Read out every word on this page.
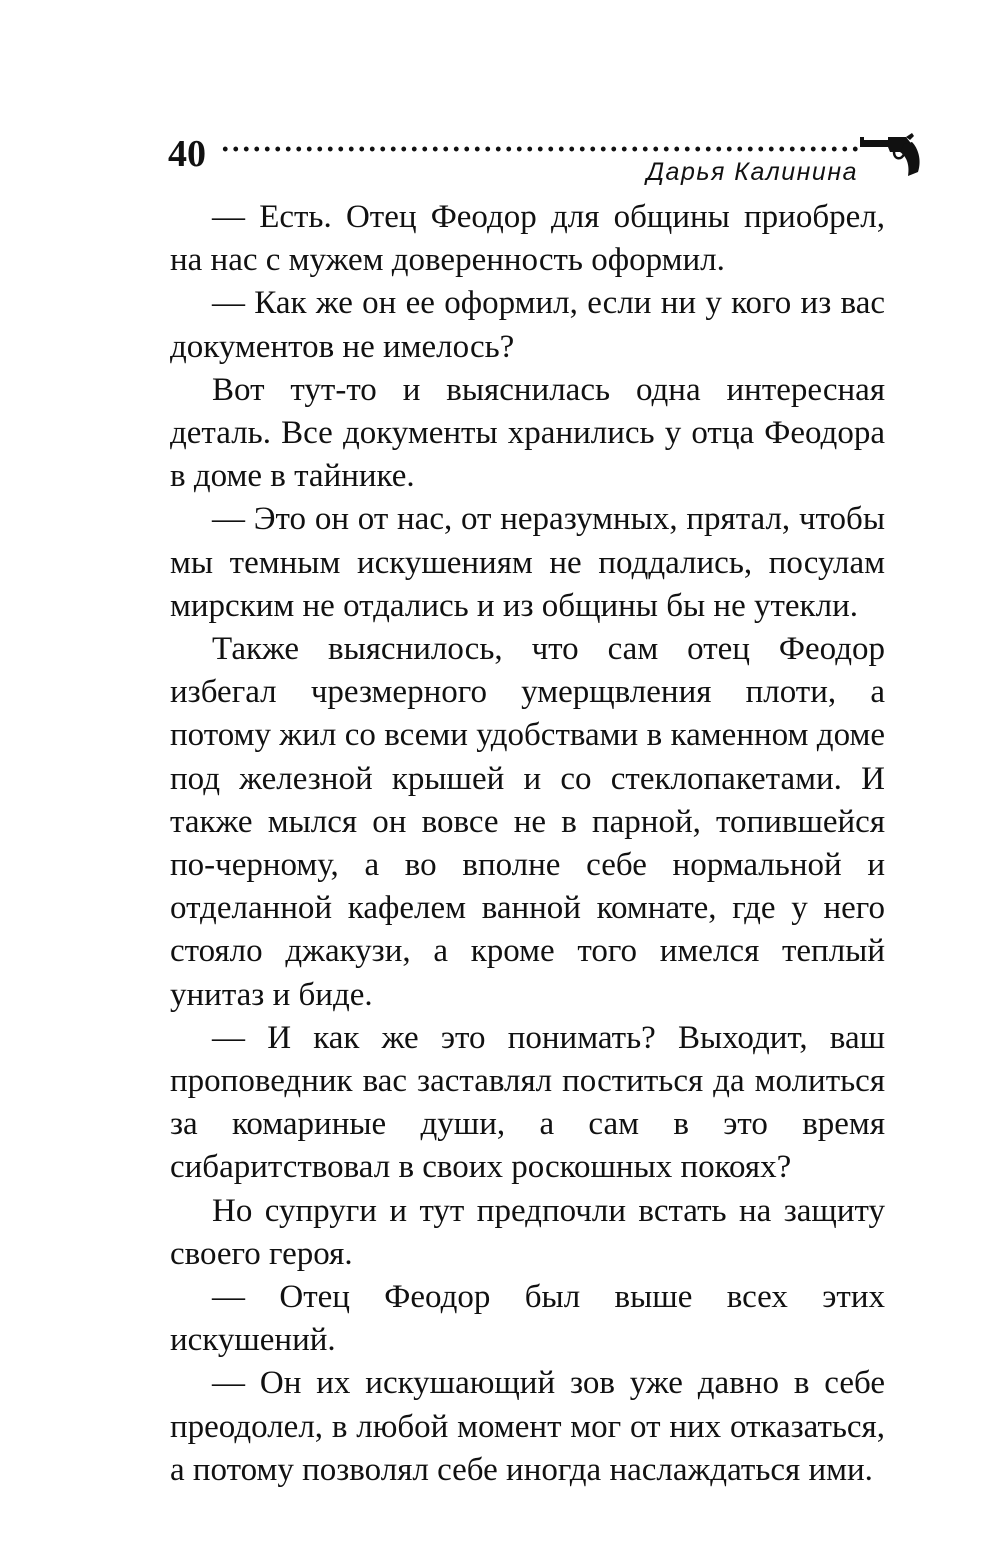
40	Дарья Калинина

— Есть. Отец Феодор для общины приобрел, на нас с мужем доверенность оформил.

— Как же он ее оформил, если ни у кого из вас документов не имелось?

Вот тут-то и выяснилась одна интересная деталь. Все документы хранились у отца Феодора в доме в тайнике.

— Это он от нас, от неразумных, прятал, чтобы мы темным искушениям не поддались, посулам мирским не отдались и из общины бы не утекли.

Также выяснилось, что сам отец Феодор избегал чрезмерного умерщвления плоти, а потому жил со всеми удобствами в каменном доме под железной крышей и со стеклопакетами. И также мылся он вовсе не в парной, топившейся по-черному, а во вполне себе нормальной и отделанной кафелем ванной комнате, где у него стояло джакузи, а кроме того имелся теплый унитаз и биде.

— И как же это понимать? Выходит, ваш проповедник вас заставлял поститься да молиться за комариные души, а сам в это время сибаритствовал в своих роскошных покоях?

Но супруги и тут предпочли встать на защиту своего героя.

— Отец Феодор был выше всех этих искушений.

— Он их искушающий зов уже давно в себе преодолел, в любой момент мог от них отказаться, а потому позволял себе иногда наслаждаться ими.
